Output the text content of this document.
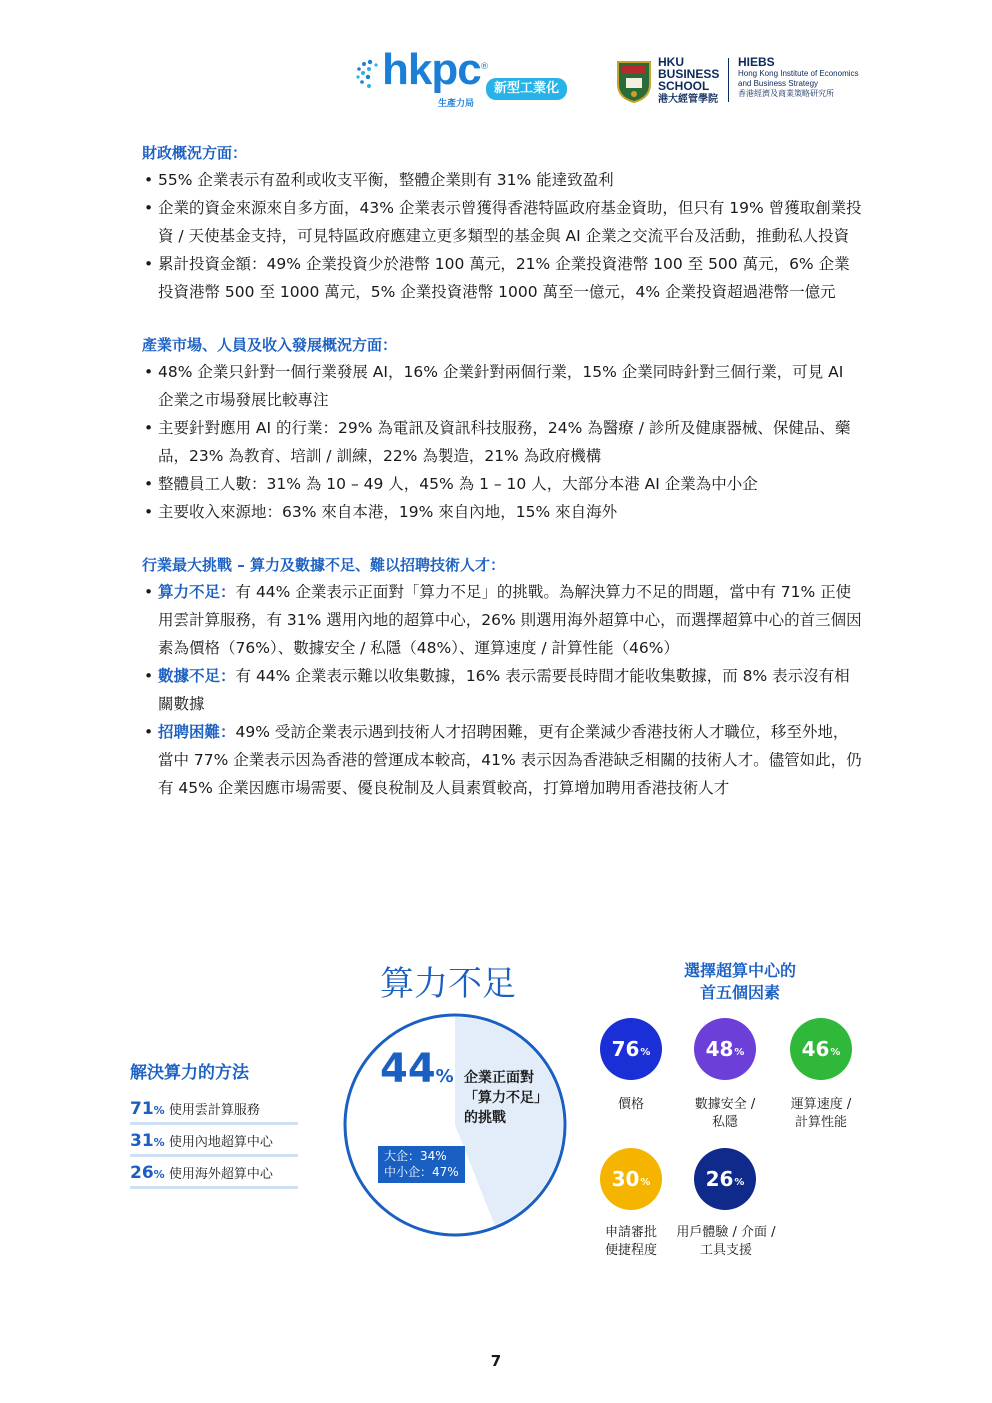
hkpc ®
生產力局
新型工業化
HKU
BUSINESS
SCHOOL
港大經管學院
HIEBS
Hong Kong Institute of Economics
and Business Strategy
香港經濟及商業策略研究所
財政概況方面：
• 55% 企業表示有盈利或收支平衡，整體企業則有 31% 能達致盈利
• 企業的資金來源來自多方面，43% 企業表示曾獲得香港特區政府基金資助，但只有 19% 曾獲取創業投資 / 天使基金支持，可見特區政府應建立更多類型的基金與 AI 企業之交流平台及活動，推動私人投資
• 累計投資金額：49% 企業投資少於港幣 100 萬元，21% 企業投資港幣 100 至 500 萬元，6% 企業投資港幣 500 至 1000 萬元，5% 企業投資港幣 1000 萬至一億元，4% 企業投資超過港幣一億元
產業市場、人員及收入發展概況方面：
• 48% 企業只針對一個行業發展 AI，16% 企業針對兩個行業，15% 企業同時針對三個行業，可見 AI 企業之市場發展比較專注
• 主要針對應用 AI 的行業：29% 為電訊及資訊科技服務，24% 為醫療 / 診所及健康器械、保健品、藥品，23% 為教育、培訓 / 訓練，22% 為製造，21% 為政府機構
• 整體員工人數：31% 為 10 – 49 人，45% 為 1 – 10 人，大部分本港 AI 企業為中小企
• 主要收入來源地：63% 來自本港，19% 來自內地，15% 來自海外
行業最大挑戰 – 算力及數據不足、難以招聘技術人才：
• 算力不足：有 44% 企業表示正面對「算力不足」的挑戰。為解決算力不足的問題，當中有 71% 正使用雲計算服務，有 31% 選用內地的超算中心，26% 則選用海外超算中心，而選擇超算中心的首三個因素為價格（76%）、數據安全 / 私隱（48%）、運算速度 / 計算性能（46%）
• 數據不足：有 44% 企業表示難以收集數據，16% 表示需要長時間才能收集數據，而 8% 表示沒有相關數據
• 招聘困難：49% 受訪企業表示遇到技術人才招聘困難，更有企業減少香港技術人才職位，移至外地，當中 77% 企業表示因為香港的營運成本較高，41% 表示因為香港缺乏相關的技術人才。儘管如此，仍有 45% 企業因應市場需要、優良稅制及人員素質較高，打算增加聘用香港技術人才
算力不足	選擇超算中心的
首五個因素
解決算力的方法
71% 使用雲計算服務
31% 使用內地超算中心
26% 使用海外超算中心
44% 企業正面對
「算力不足」
的挑戰
大企：34%
中小企：47%
76 %	48 %	46 %
30 %	26 %
價格	數據安全 /
私隱
運算速度 /
計算性能
申請審批
便捷程度
用戶體驗 / 介面 /
工具支援
7
